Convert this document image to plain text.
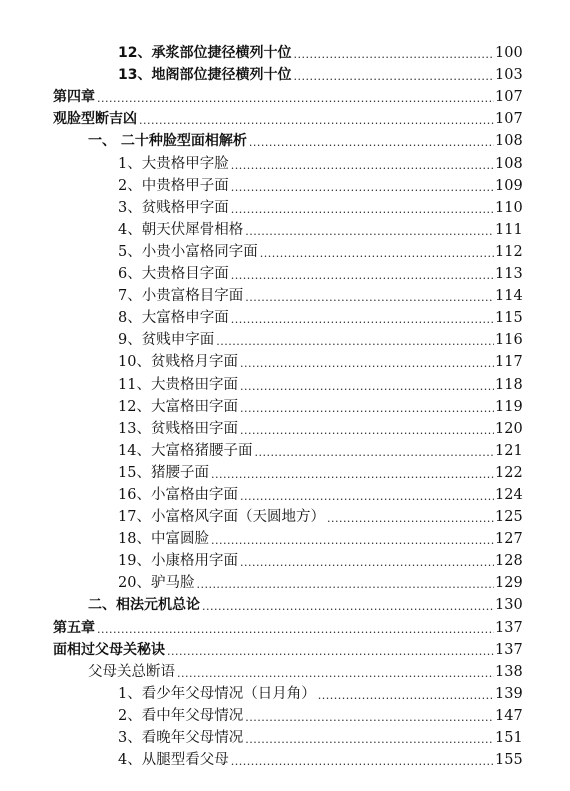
12、承浆部位捷径横列十位 .....	100
13、地阁部位捷径横列十位 .....	103
第四章 .....	107
观脸型断吉凶 .....	107
一、 二十种脸型面相解析 .....	108
1、大贵格甲字脸 .....	108
2、中贵格甲子面 .....	109
3、贫贱格甲字面 .....	110
4、朝天伏犀骨相格 .....	111
5、小贵小富格同字面 .....	112
6、大贵格目字面 .....	113
7、小贵富格目字面 .....	114
8、大富格申字面 .....	115
9、贫贱申字面 .....	116
10、贫贱格月字面 .....	117
11、大贵格田字面 .....	118
12、大富格田字面 .....	119
13、贫贱格田字面 .....	120
14、大富格猪腰子面 .....	121
15、猪腰子面 .....	122
16、小富格由字面 .....	124
17、小富格风字面（天圆地方） .....	125
18、中富圆脸 .....	127
19、小康格用字面 .....	128
20、驴马脸 .....	129
二、相法元机总论 .....	130
第五章 .....	137
面相过父母关秘诀 .....	137
父母关总断语 .....	138
1、看少年父母情况（日月角） .....	139
2、看中年父母情况 .....	147
3、看晚年父母情况 .....	151
4、从腿型看父母 .....	155
